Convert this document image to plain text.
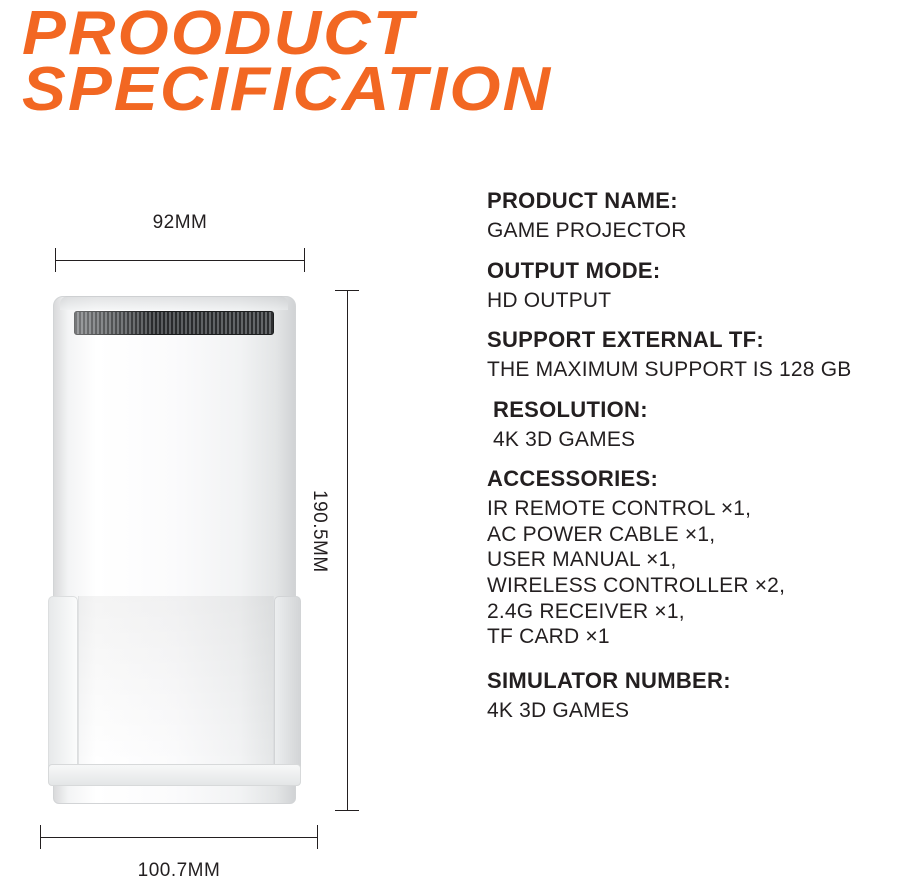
PROODUCT
SPECIFICATION
92MM
190.5MM
100.7MM

PRODUCT NAME:

GAME PROJECTOR

OUTPUT MODE:

HD OUTPUT

SUPPORT EXTERNAL TF:

THE MAXIMUM SUPPORT IS 128 GB

RESOLUTION:

4K 3D GAMES

ACCESSORIES:

IR REMOTE CONTROL ×1,

AC POWER CABLE ×1,

USER MANUAL ×1,

WIRELESS CONTROLLER ×2,

2.4G RECEIVER ×1,

TF CARD ×1

SIMULATOR NUMBER:

4K 3D GAMES
